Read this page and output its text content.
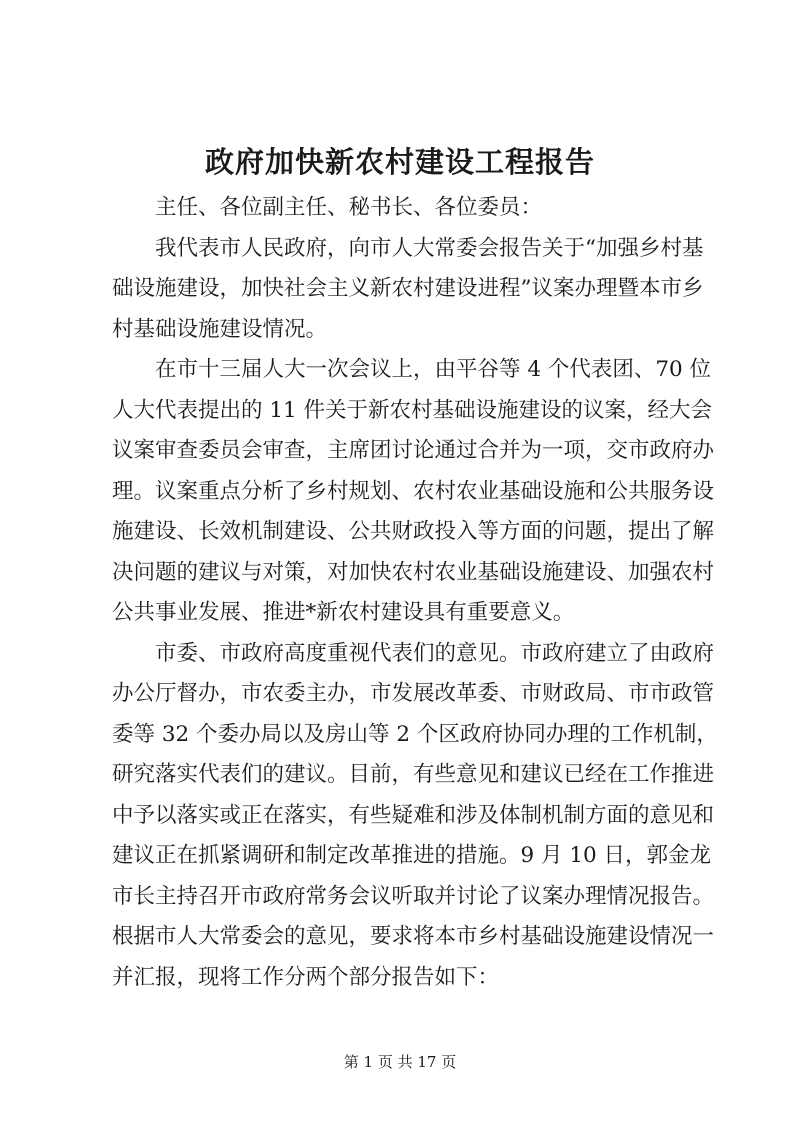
政府加快新农村建设工程报告
主任、各位副主任、秘书长、各位委员：
我代表市人民政府，向市人大常委会报告关于“加强乡村基
础设施建设，加快社会主义新农村建设进程”议案办理暨本市乡
村基础设施建设情况。
在市十三届人大一次会议上，由平谷等 4 个代表团、70 位
人大代表提出的 11 件关于新农村基础设施建设的议案，经大会
议案审查委员会审查，主席团讨论通过合并为一项，交市政府办
理。议案重点分析了乡村规划、农村农业基础设施和公共服务设
施建设、长效机制建设、公共财政投入等方面的问题，提出了解
决问题的建议与对策，对加快农村农业基础设施建设、加强农村
公共事业发展、推进*新农村建设具有重要意义。
市委、市政府高度重视代表们的意见。市政府建立了由政府
办公厅督办，市农委主办，市发展改革委、市财政局、市市政管
委等 32 个委办局以及房山等 2 个区政府协同办理的工作机制，
研究落实代表们的建议。目前，有些意见和建议已经在工作推进
中予以落实或正在落实，有些疑难和涉及体制机制方面的意见和
建议正在抓紧调研和制定改革推进的措施。9 月 10 日，郭金龙
市长主持召开市政府常务会议听取并讨论了议案办理情况报告。
根据市人大常委会的意见，要求将本市乡村基础设施建设情况一
并汇报，现将工作分两个部分报告如下：
第 1 页 共 17 页
